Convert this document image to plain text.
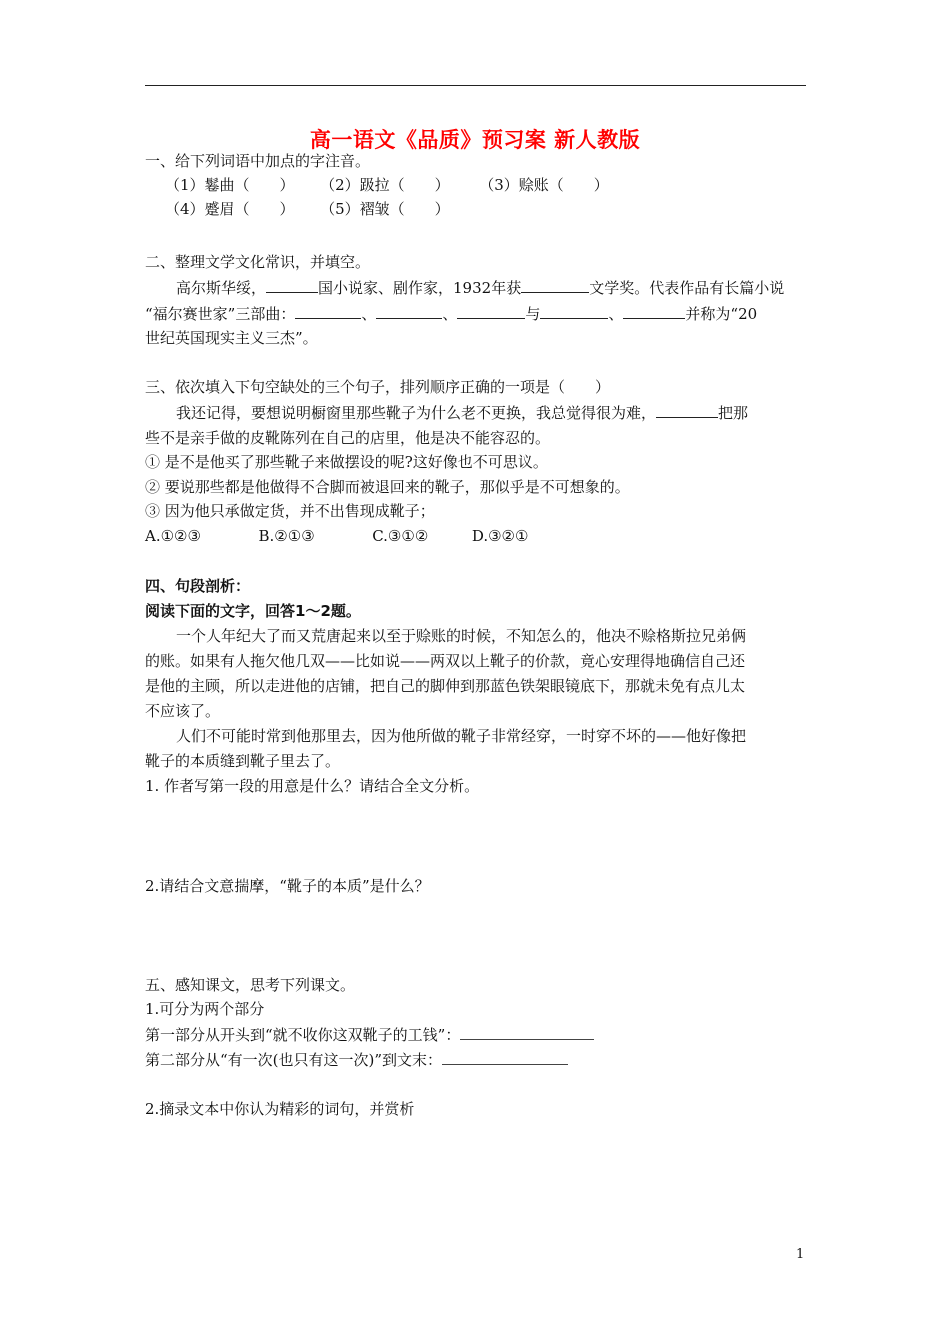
高一语文《品质》预习案 新人教版
一、给下列词语中加点的字注音。
（1）鬈曲（　　） （2）趿拉（　　） （3）赊账（　　）
（4）蹙眉（　　） （5）褶皱（　　）
二、整理文学文化常识，并填空。
高尔斯华绥，	国小说家、剧作家，1932年获	文学奖。代表作品有长篇小说
“福尔赛世家”三部曲：	、	、	与	、	并称为“20
世纪英国现实主义三杰”。
三、依次填入下句空缺处的三个句子，排列顺序正确的一项是（　　）
我还记得，要想说明橱窗里那些靴子为什么老不更换，我总觉得很为难，	把那
些不是亲手做的皮靴陈列在自己的店里，他是决不能容忍的。
① 是不是他买了那些靴子来做摆设的呢?这好像也不可思议。
② 要说那些都是他做得不合脚而被退回来的靴子，那似乎是不可想象的。
③ 因为他只承做定货，并不出售现成靴子；
A.①②③	B.②①③	C.③①②	D.③②①
四、句段剖析：
阅读下面的文字，回答1～2题。
一个人年纪大了而又荒唐起来以至于赊账的时候，不知怎么的，他决不赊格斯拉兄弟俩
的账。如果有人拖欠他几双——比如说——两双以上靴子的价款，竟心安理得地确信自己还
是他的主顾，所以走进他的店铺，把自己的脚伸到那蓝色铁架眼镜底下，那就未免有点儿太
不应该了。
人们不可能时常到他那里去，因为他所做的靴子非常经穿，一时穿不坏的——他好像把
靴子的本质缝到靴子里去了。
1. 作者写第一段的用意是什么？请结合全文分析。
2.请结合文意揣摩，“靴子的本质”是什么？
五、感知课文，思考下列课文。
1.可分为两个部分
第一部分从开头到“就不收你这双靴子的工钱”：
第二部分从“有一次(也只有这一次)”到文末：
2.摘录文本中你认为精彩的词句，并赏析
1
